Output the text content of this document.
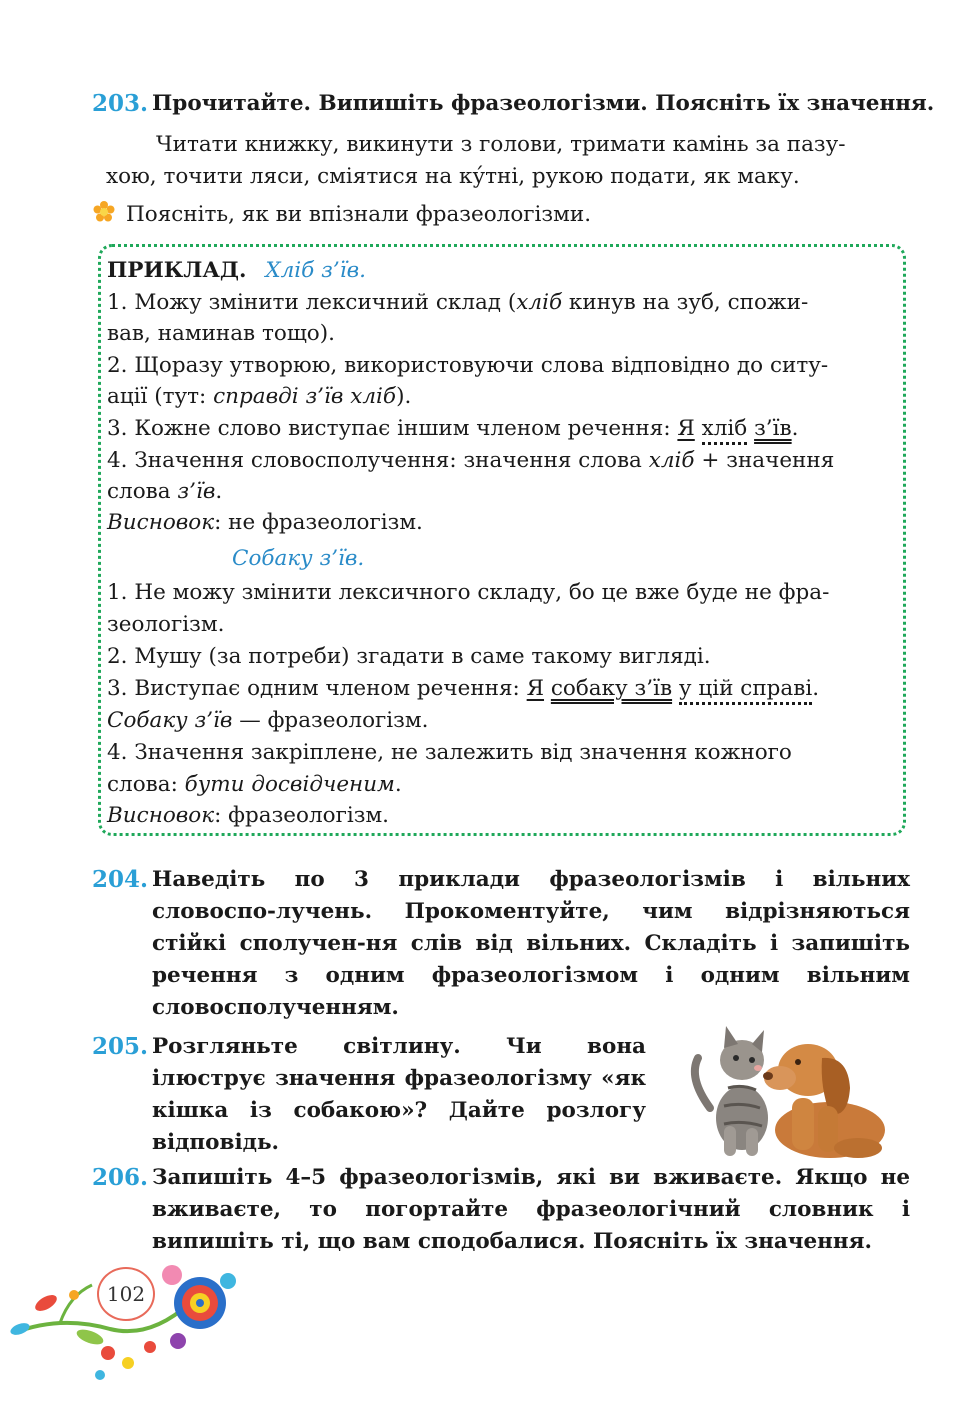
203. Прочитайте. Випишіть фразеологізми. Поясніть їх значення.
Читати книжку, викинути з голови, тримати камінь за пазу-
хою, точити ляси, сміятися на ку́тні, рукою подати, як маку.
Поясніть, як ви впізнали фразеологізми.
ПРИКЛАД. Хліб з’їв.
1. Можу змінити лексичний склад (хліб кинув на зуб, спожи-
вав, наминав тощо).
2. Щоразу утворюю, використовуючи слова відповідно до ситу-
ації (тут: справді з’їв хліб).
3. Кожне слово виступає іншим членом речення: Я хліб з’їв.
4. Значення словосполучення: значення слова хліб + значення
слова з’їв.
Висновок: не фразеологізм.
Собаку з’їв.
1. Не можу змінити лексичного складу, бо це вже буде не фра-
зеологізм.
2. Мушу (за потреби) згадати в саме такому вигляді.
3. Виступає одним членом речення: Я собаку з’їв у цій справі.
Собаку з’їв — фразеологізм.
4. Значення закріплене, не залежить від значення кожного
слова: бути досвідченим.
Висновок: фразеологізм.
204. Наведіть по 3 приклади фразеологізмів і вільних словоспо-лучень. Прокоментуйте, чим відрізняються стійкі сполучен-ня слів від вільних. Складіть і запишіть речення з одним фразеологізмом і одним вільним словосполученням.
205. Розгляньте світлину. Чи вона ілюструє значення фразеологізму «як кішка із собакою»? Дайте розлогу відповідь.
206. Запишіть 4–5 фразеологізмів, які ви вживаєте. Якщо не вживаєте, то погортайте фразеологічний словник і випишіть ті, що вам сподобалися. Поясніть їх значення.
102
